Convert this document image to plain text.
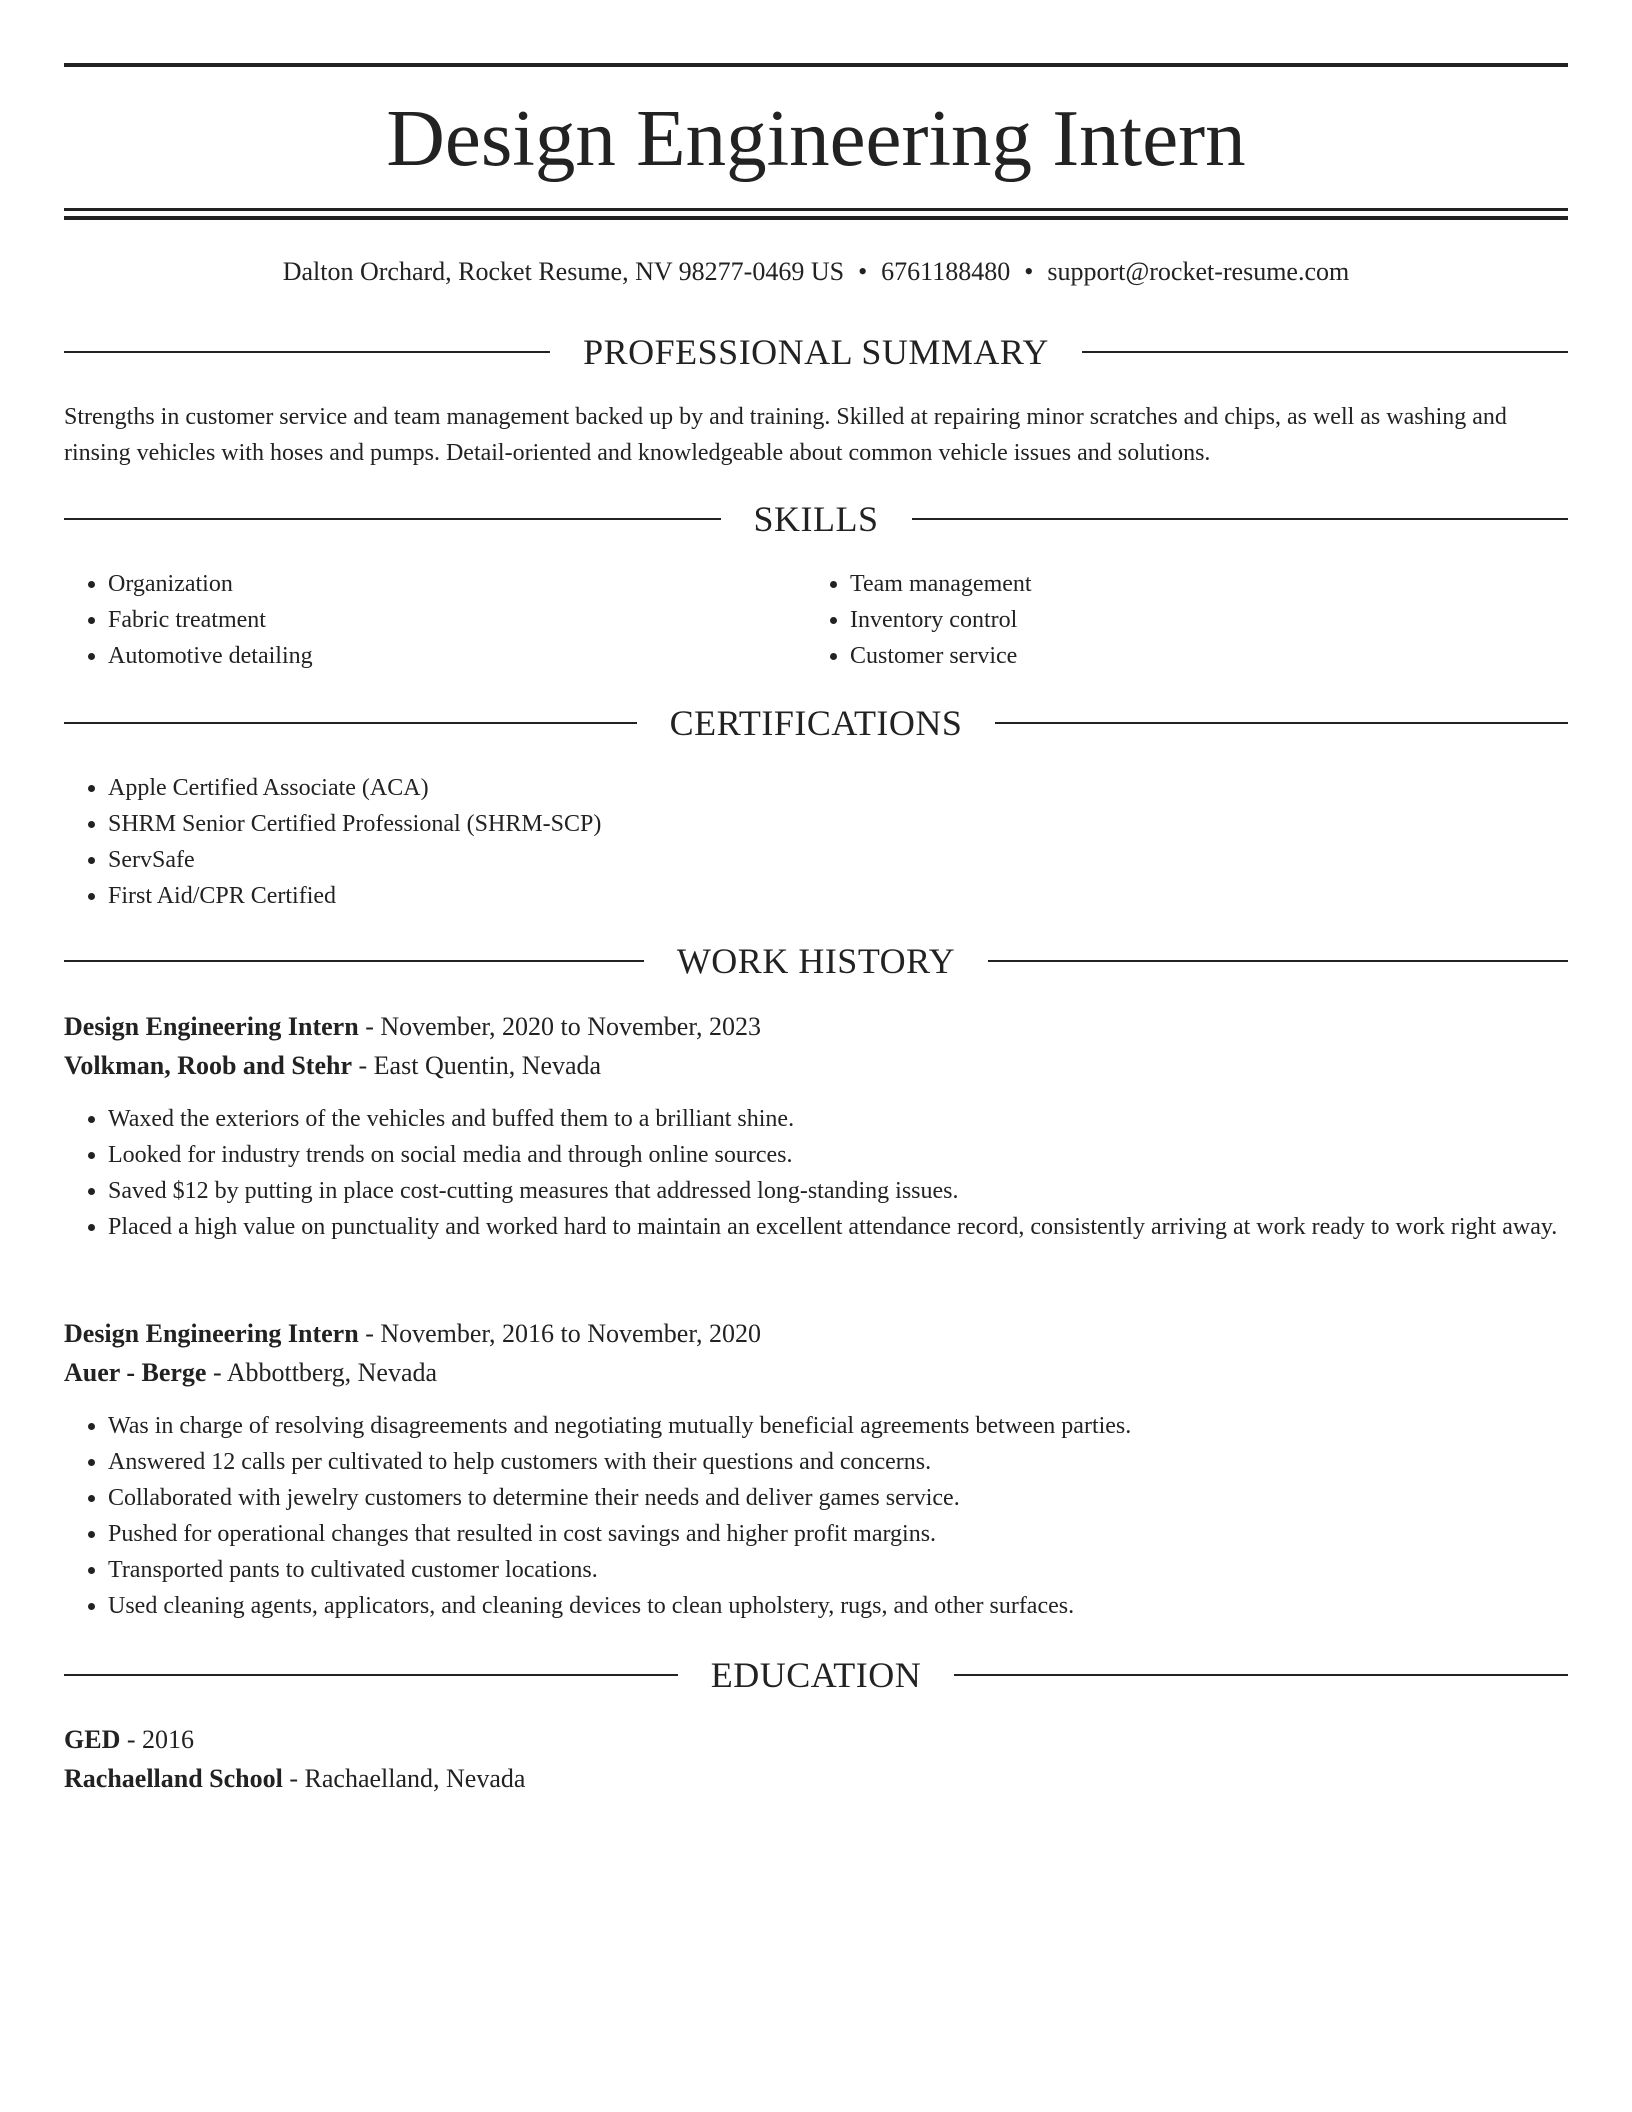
Design Engineering Intern
Dalton Orchard, Rocket Resume, NV 98277-0469 US • 6761188480 • support@rocket-resume.com
PROFESSIONAL SUMMARY

Strengths in customer service and team management backed up by and training. Skilled at repairing minor scratches and chips, as well as washing and rinsing vehicles with hoses and pumps. Detail-oriented and knowledgeable about common vehicle issues and solutions.

SKILLS
• Organization
• Fabric treatment
• Automotive detailing
• Team management
• Inventory control
• Customer service
CERTIFICATIONS
• Apple Certified Associate (ACA)
• SHRM Senior Certified Professional (SHRM-SCP)
• ServSafe
• First Aid/CPR Certified
WORK HISTORY
Design Engineering Intern - November, 2020 to November, 2023
Volkman, Roob and Stehr - East Quentin, Nevada
• Waxed the exteriors of the vehicles and buffed them to a brilliant shine.
• Looked for industry trends on social media and through online sources.
• Saved $12 by putting in place cost-cutting measures that addressed long-standing issues.
• Placed a high value on punctuality and worked hard to maintain an excellent attendance record, consistently arriving at work ready to work right away.
Design Engineering Intern - November, 2016 to November, 2020
Auer - Berge - Abbottberg, Nevada
• Was in charge of resolving disagreements and negotiating mutually beneficial agreements between parties.
• Answered 12 calls per cultivated to help customers with their questions and concerns.
• Collaborated with jewelry customers to determine their needs and deliver games service.
• Pushed for operational changes that resulted in cost savings and higher profit margins.
• Transported pants to cultivated customer locations.
• Used cleaning agents, applicators, and cleaning devices to clean upholstery, rugs, and other surfaces.
EDUCATION
GED - 2016
Rachaelland School - Rachaelland, Nevada
